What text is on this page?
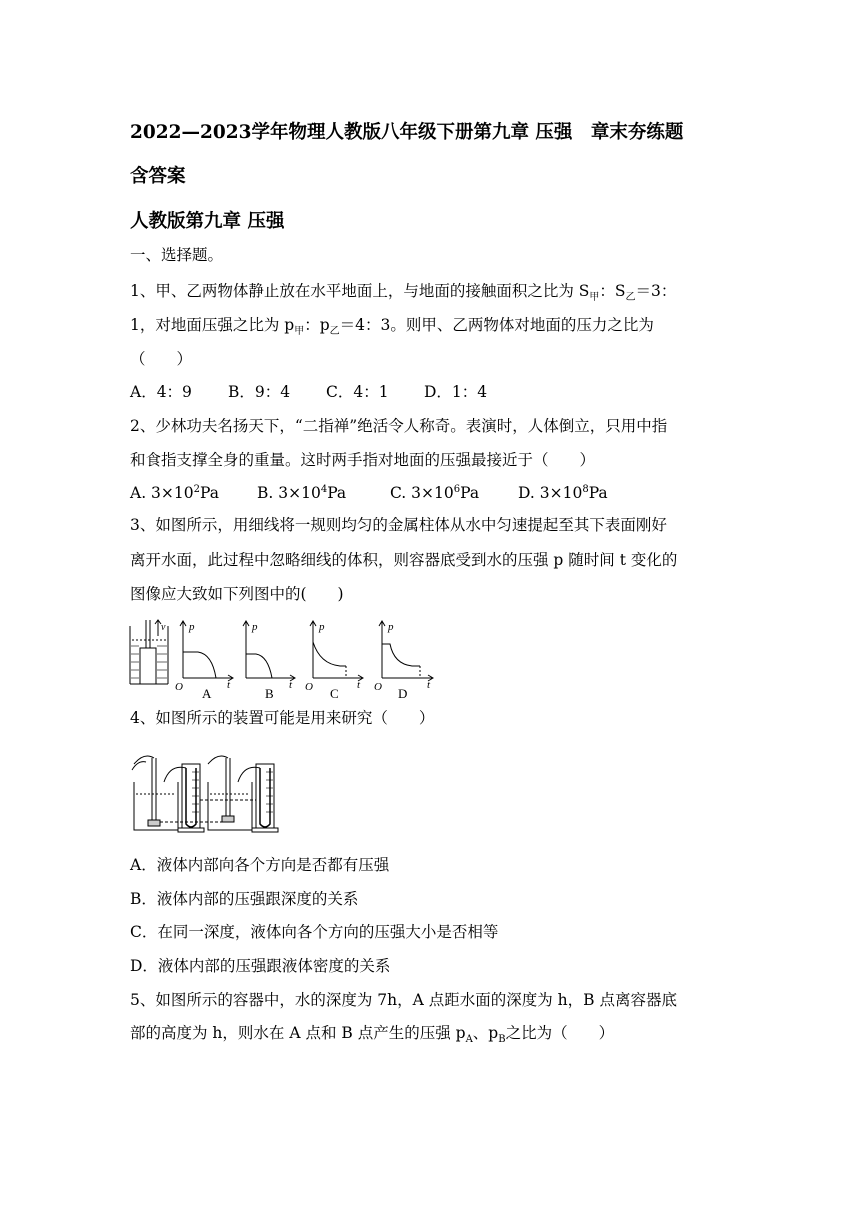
2022—2023学年物理人教版八年级下册第九章 压强　章末夯练题
含答案
人教版第九章 压强
一、选择题。
1、甲、乙两物体静止放在水平地面上，与地面的接触面积之比为 $S_甲$：$S_乙=3$：
1，对地面压强之比为 $p_甲$：$p_乙=4$：3。则甲、乙两物体对地面的压力之比为
（　　）
A．4：9 B．9：4 C．4：1 D．1：4
2、少林功夫名扬天下，“二指禅”绝活令人称奇。表演时，人体倒立，只用中指
和食指支撑全身的重量。这时两手指对地面的压强最接近于（　　）
A. $3\times 10^2Pa$ B. $3\times 10^4Pa$	C. $3\times 10^6Pa$	D. $3\times 10^8Pa$
3、如图所示，用细线将一规则均匀的金属柱体从水中匀速提起至其下表面刚好
离开水面，此过程中忽略细线的体积，则容器底受到水的压强 p 随时间 t 变化的
图像应大致如下列图中的(　　)
v p
t
O A
p
t
B
p
t
O C
p
t
O D
4、如图所示的装置可能是用来研究（　　）
A．液体内部向各个方向是否都有压强
B．液体内部的压强跟深度的关系
C．在同一深度，液体向各个方向的压强大小是否相等
D．液体内部的压强跟液体密度的关系
5、如图所示的容器中，水的深度为 7h，A 点距水面的深度为 h，B 点离容器底
部的高度为 h，则水在 A 点和 B 点产生的压强 $p_A$、$p_B$之比为（　　）
